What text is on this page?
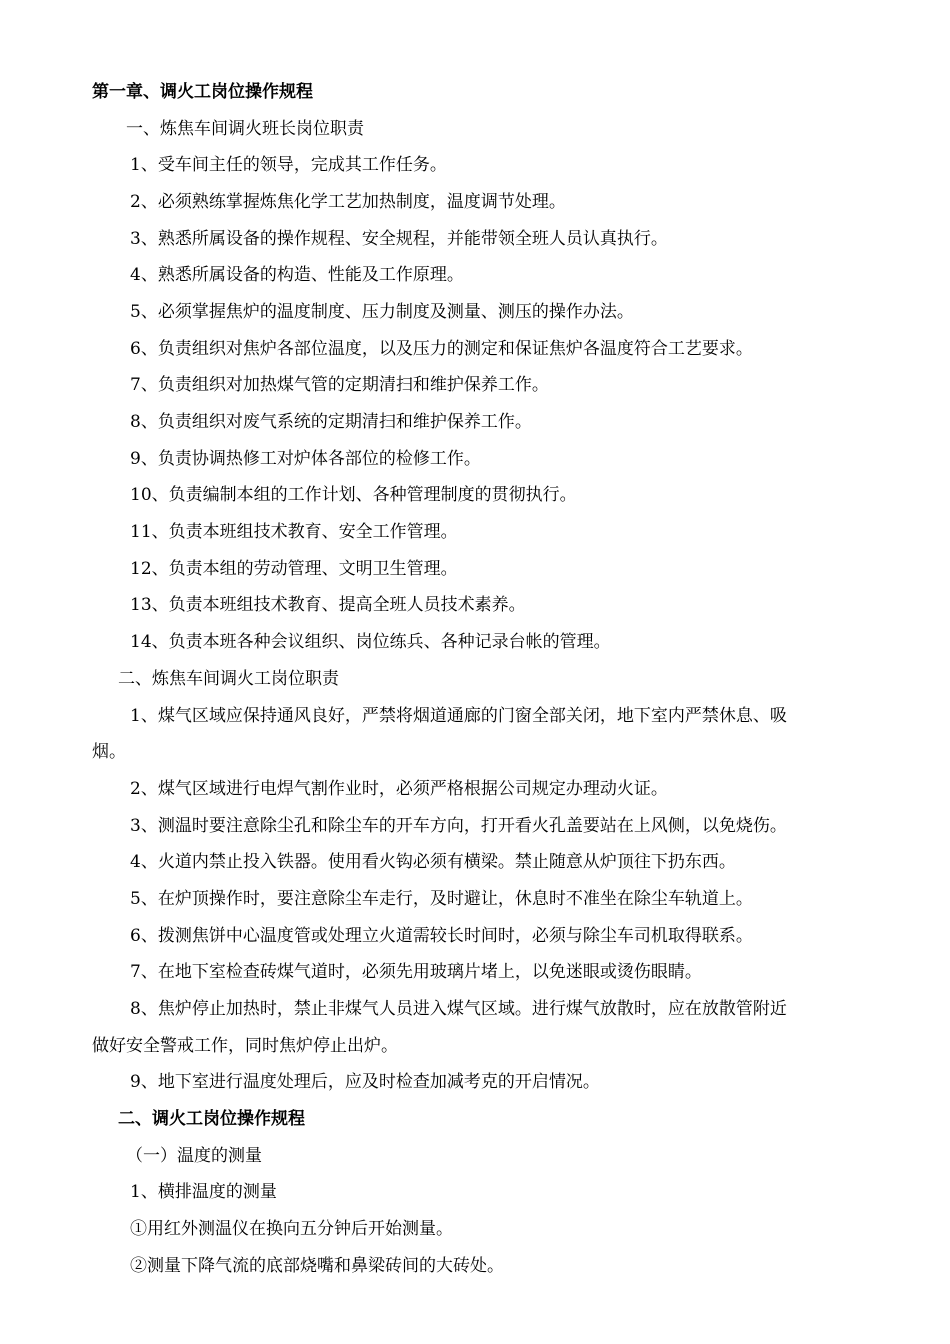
第一章、调火工岗位操作规程

一、炼焦车间调火班长岗位职责

1、受车间主任的领导，完成其工作任务。

2、必须熟练掌握炼焦化学工艺加热制度，温度调节处理。

3、熟悉所属设备的操作规程、安全规程，并能带领全班人员认真执行。

4、熟悉所属设备的构造、性能及工作原理。

5、必须掌握焦炉的温度制度、压力制度及测量、测压的操作办法。

6、负责组织对焦炉各部位温度，以及压力的测定和保证焦炉各温度符合工艺要求。

7、负责组织对加热煤气管的定期清扫和维护保养工作。

8、负责组织对废气系统的定期清扫和维护保养工作。

9、负责协调热修工对炉体各部位的检修工作。

10、负责编制本组的工作计划、各种管理制度的贯彻执行。

11、负责本班组技术教育、安全工作管理。

12、负责本组的劳动管理、文明卫生管理。

13、负责本班组技术教育、提高全班人员技术素养。

14、负责本班各种会议组织、岗位练兵、各种记录台帐的管理。

二、炼焦车间调火工岗位职责

1、煤气区域应保持通风良好，严禁将烟道通廊的门窗全部关闭，地下室内严禁休息、吸

烟。

2、煤气区域进行电焊气割作业时，必须严格根据公司规定办理动火证。

3、测温时要注意除尘孔和除尘车的开车方向，打开看火孔盖要站在上风侧，以免烧伤。

4、火道内禁止投入铁器。使用看火钩必须有横梁。禁止随意从炉顶往下扔东西。

5、在炉顶操作时，要注意除尘车走行，及时避让，休息时不准坐在除尘车轨道上。

6、拨测焦饼中心温度管或处理立火道需较长时间时，必须与除尘车司机取得联系。

7、在地下室检查砖煤气道时，必须先用玻璃片堵上，以免迷眼或烫伤眼睛。

8、焦炉停止加热时，禁止非煤气人员进入煤气区域。进行煤气放散时，应在放散管附近

做好安全警戒工作，同时焦炉停止出炉。

9、地下室进行温度处理后，应及时检查加减考克的开启情况。

二、调火工岗位操作规程

（一）温度的测量

1、横排温度的测量

①用红外测温仪在换向五分钟后开始测量。

②测量下降气流的底部烧嘴和鼻梁砖间的大砖处。
